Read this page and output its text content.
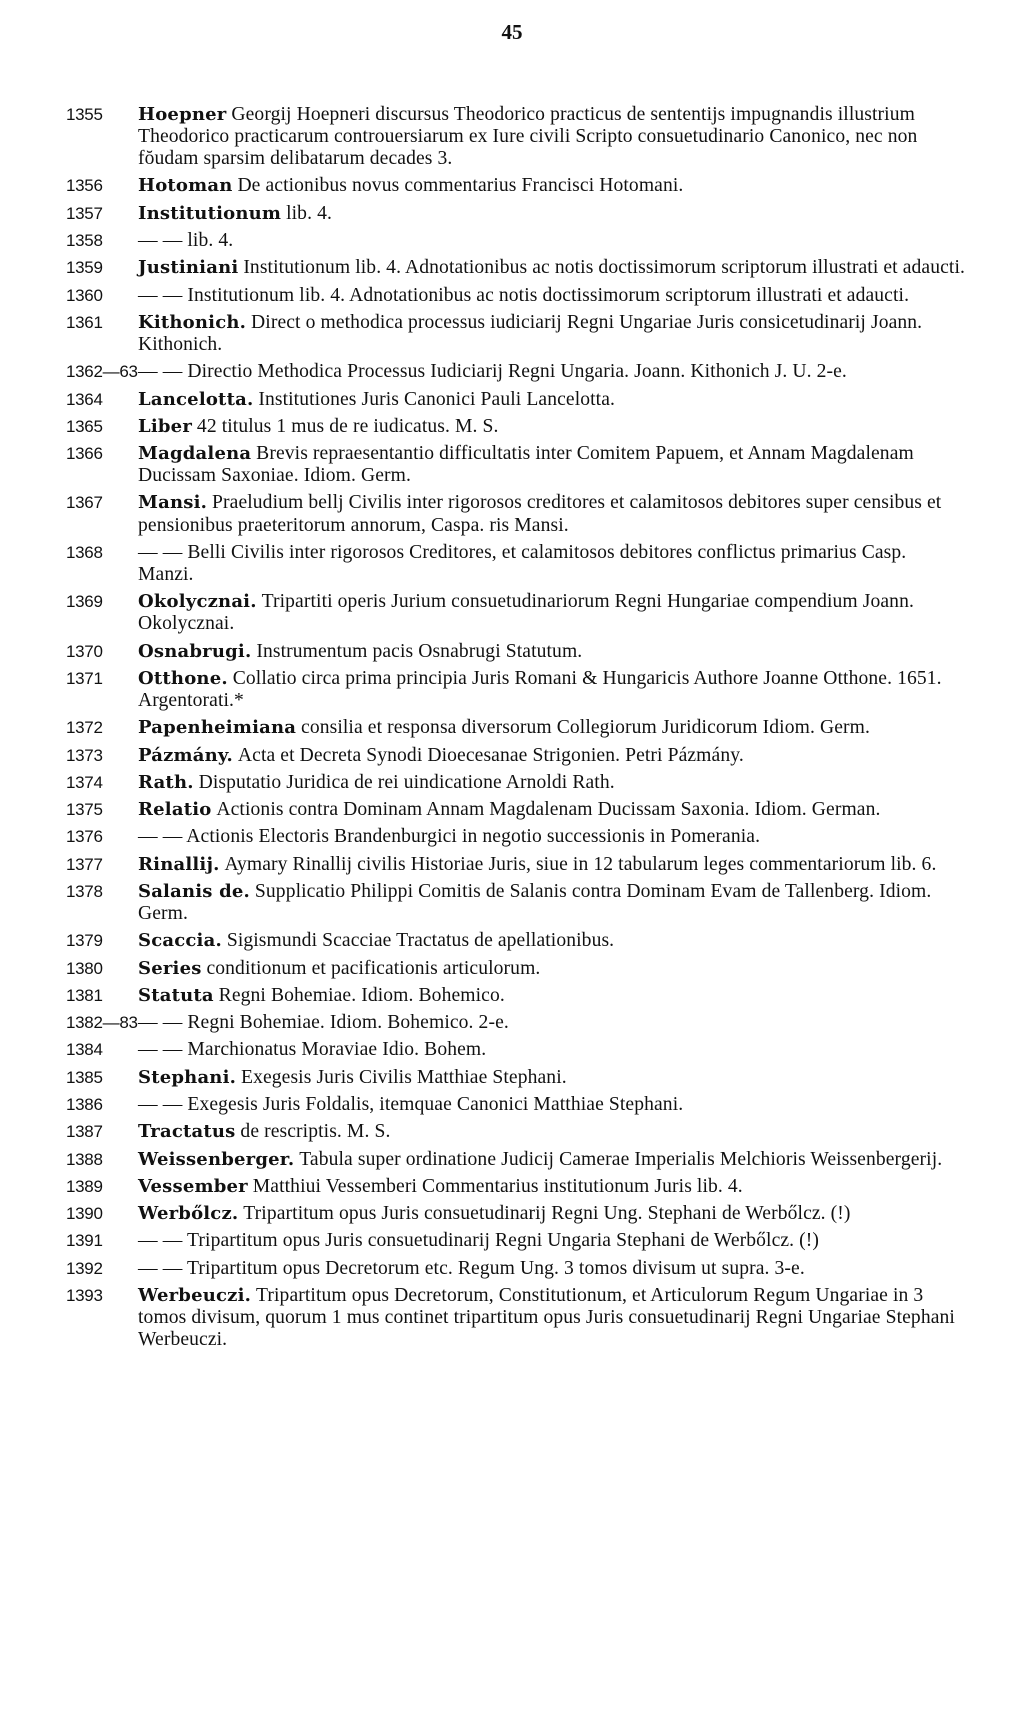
45
1355 Hoepner Georgij Hoepneri discursus Theodorico practicus de sententijs impugnandis illustrium Theodorico practicarum controuersiarum ex Iure civili Scripto consuetudinario Canonico, nec non fŏudam sparsim delibatarum decades 3.
1356 Hotoman De actionibus novus commentarius Francisci Hotomani.
1357 Institutionum lib. 4.
1358 — — lib. 4.
1359 Justiniani Institutionum lib. 4. Adnotationibus ac notis doctissimorum scriptorum illustrati et adaucti.
1360 — — Institutionum lib. 4. Adnotationibus ac notis doctissimorum scriptorum illustrati et adaucti.
1361 Kithonich. Direct o methodica processus iudiciarij Regni Ungariae Juris consicetudinarij Joann. Kithonich.
1362—63 — — Directio Methodica Processus Iudiciarij Regni Ungaria. Joann. Kithonich J. U. 2-e.
1364 Lancelotta. Institutiones Juris Canonici Pauli Lancelotta.
1365 Liber 42 titulus 1 mus de re iudicatus. M. S.
1366 Magdalena Brevis repraesentantio difficultatis inter Comitem Papuem, et Annam Magdalenam Ducissam Saxoniae. Idiom. Germ.
1367 Mansi. Praeludium bellj Civilis inter rigorosos creditores et calamitosos debitores super censibus et pensionibus praeteritorum annorum, Caspa. ris Mansi.
1368 — — Belli Civilis inter rigorosos Creditores, et calamitosos debitores conflictus primarius Casp. Manzi.
1369 Okolycznai. Tripartiti operis Jurium consuetudinariorum Regni Hungariae compendium Joann. Okolycznai.
1370 Osnabrugi. Instrumentum pacis Osnabrugi Statutum.
1371 Otthone. Collatio circa prima principia Juris Romani & Hungaricis Authore Joanne Otthone. 1651. Argentorati.*
1372 Papenheimiana consilia et responsa diversorum Collegiorum Juridicorum Idiom. Germ.
1373 Pázmány. Acta et Decreta Synodi Dioecesanae Strigonien. Petri Pázmány.
1374 Rath. Disputatio Juridica de rei uindicatione Arnoldi Rath.
1375 Relatio Actionis contra Dominam Annam Magdalenam Ducissam Saxonia. Idiom. German.
1376 — — Actionis Electoris Brandenburgici in negotio successionis in Pomerania.
1377 Rinallij. Aymary Rinallij civilis Historiae Juris, siue in 12 tabularum leges commentariorum lib. 6.
1378 Salanis de. Supplicatio Philippi Comitis de Salanis contra Dominam Evam de Tallenberg. Idiom. Germ.
1379 Scaccia. Sigismundi Scacciae Tractatus de apellationibus.
1380 Series conditionum et pacificationis articulorum.
1381 Statuta Regni Bohemiae. Idiom. Bohemico.
1382—83 — — Regni Bohemiae. Idiom. Bohemico. 2-e.
1384 — — Marchionatus Moraviae Idio. Bohem.
1385 Stephani. Exegesis Juris Civilis Matthiae Stephani.
1386 — — Exegesis Juris Foldalis, itemquae Canonici Matthiae Stephani.
1387 Tractatus de rescriptis. M. S.
1388 Weissenberger. Tabula super ordinatione Judicij Camerae Imperialis Melchioris Weissenbergerij.
1389 Vessember Matthiui Vessemberi Commentarius institutionum Juris lib. 4.
1390 Werbőlcz. Tripartitum opus Juris consuetudinarij Regni Ung. Stephani de Werbőlcz. (!)
1391 — — Tripartitum opus Juris consuetudinarij Regni Ungaria Stephani de Werbőlcz. (!)
1392 — — Tripartitum opus Decretorum etc. Regum Ung. 3 tomos divisum ut supra. 3-e.
1393 Werbeuczi. Tripartitum opus Decretorum, Constitutionum, et Articulorum Regum Ungariae in 3 tomos divisum, quorum 1 mus continet tripartitum opus Juris consuetudinarij Regni Ungariae Stephani Werbeuczi.
